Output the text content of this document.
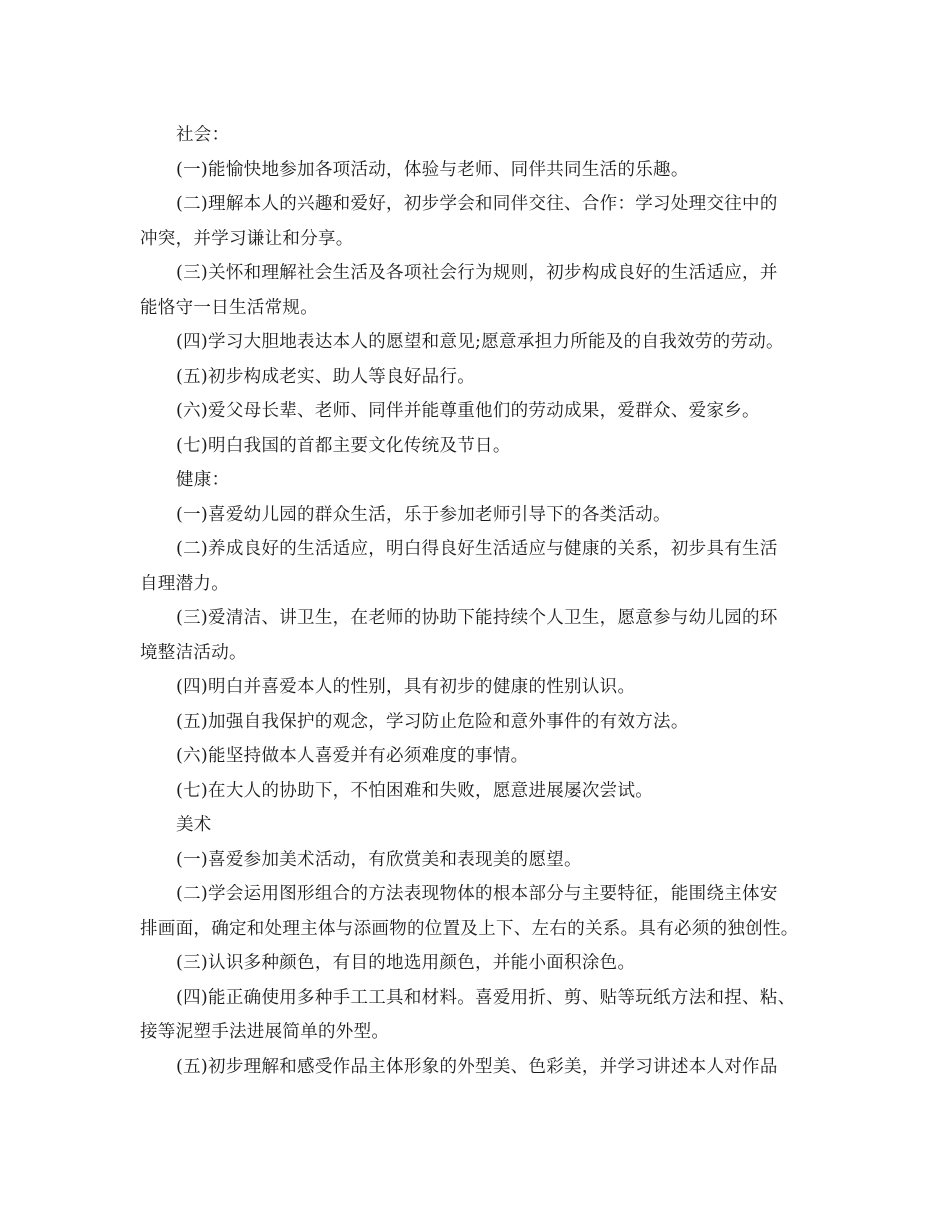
社会：
(一)能愉快地参加各项活动，体验与老师、同伴共同生活的乐趣。
(二)理解本人的兴趣和爱好，初步学会和同伴交往、合作：学习处理交往中的
冲突，并学习谦让和分享。
(三)关怀和理解社会生活及各项社会行为规则，初步构成良好的生活适应，并
能恪守一日生活常规。
(四)学习大胆地表达本人的愿望和意见;愿意承担力所能及的自我效劳的劳动。
(五)初步构成老实、助人等良好品行。
(六)爱父母长辈、老师、同伴并能尊重他们的劳动成果，爱群众、爱家乡。
(七)明白我国的首都主要文化传统及节日。
健康：
(一)喜爱幼儿园的群众生活，乐于参加老师引导下的各类活动。
(二)养成良好的生活适应，明白得良好生活适应与健康的关系，初步具有生活
自理潜力。
(三)爱清洁、讲卫生，在老师的协助下能持续个人卫生，愿意参与幼儿园的环
境整洁活动。
(四)明白并喜爱本人的性别，具有初步的健康的性别认识。
(五)加强自我保护的观念，学习防止危险和意外事件的有效方法。
(六)能坚持做本人喜爱并有必须难度的事情。
(七)在大人的协助下，不怕困难和失败，愿意进展屡次尝试。
美术
(一)喜爱参加美术活动，有欣赏美和表现美的愿望。
(二)学会运用图形组合的方法表现物体的根本部分与主要特征，能围绕主体安
排画面，确定和处理主体与添画物的位置及上下、左右的关系。具有必须的独创性。
(三)认识多种颜色，有目的地选用颜色，并能小面积涂色。
(四)能正确使用多种手工工具和材料。喜爱用折、剪、贴等玩纸方法和捏、粘、
接等泥塑手法进展简单的外型。
(五)初步理解和感受作品主体形象的外型美、色彩美，并学习讲述本人对作品
